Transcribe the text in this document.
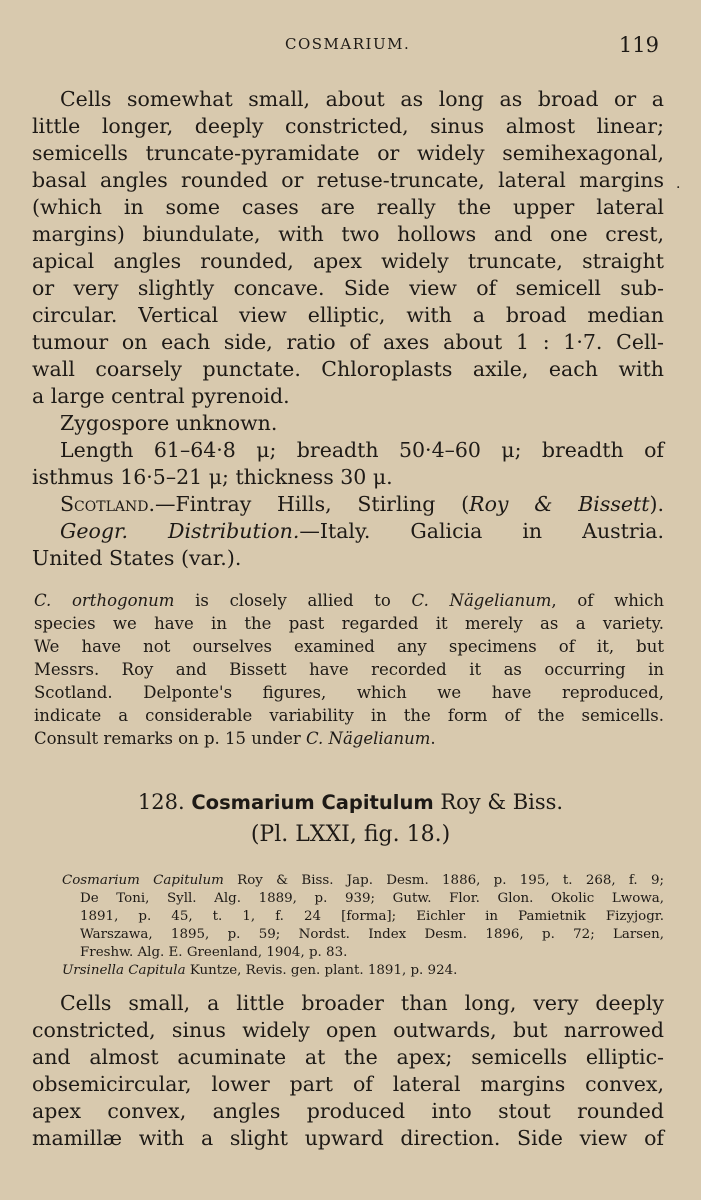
COSMARIUM.	119
·
Cells somewhat small, about as long as broad or a
little longer, deeply constricted, sinus almost linear;
semicells truncate-pyramidate or widely semihexagonal,
basal angles rounded or retuse-truncate, lateral margins
(which in some cases are really the upper lateral
margins) biundulate, with two hollows and one crest,
apical angles rounded, apex widely truncate, straight
or very slightly concave. Side view of semicell sub-
circular. Vertical view elliptic, with a broad median
tumour on each side, ratio of axes about 1 : 1·7. Cell-
wall coarsely punctate. Chloroplasts axile, each with
a large central pyrenoid.
Zygospore unknown.
Length 61–64·8 μ; breadth 50·4–60 μ; breadth of
isthmus 16·5–21 μ; thickness 30 μ.
Scotland.—Fintray Hills, Stirling (Roy & Bissett).
Geogr. Distribution.—Italy. Galicia in Austria.
United States (var.).
C. orthogonum is closely allied to C. Nägelianum, of which
species we have in the past regarded it merely as a variety.
We have not ourselves examined any specimens of it, but
Messrs. Roy and Bissett have recorded it as occurring in
Scotland. Delponte's figures, which we have reproduced,
indicate a considerable variability in the form of the semicells.
Consult remarks on p. 15 under C. Nägelianum.
128. Cosmarium Capitulum Roy & Biss.
(Pl. LXXI, fig. 18.)
Cosmarium Capitulum Roy & Biss. Jap. Desm. 1886, p. 195, t. 268, f. 9;
De Toni, Syll. Alg. 1889, p. 939; Gutw. Flor. Glon. Okolic Lwowa,
1891, p. 45, t. 1, f. 24 [forma]; Eichler in Pamietnik Fizyjogr.
Warszawa, 1895, p. 59; Nordst. Index Desm. 1896, p. 72; Larsen,
Freshw. Alg. E. Greenland, 1904, p. 83.
Ursinella Capitula Kuntze, Revis. gen. plant. 1891, p. 924.
Cells small, a little broader than long, very deeply
constricted, sinus widely open outwards, but narrowed
and almost acuminate at the apex; semicells elliptic-
obsemicircular, lower part of lateral margins convex,
apex convex, angles produced into stout rounded
mamillæ with a slight upward direction. Side view of
